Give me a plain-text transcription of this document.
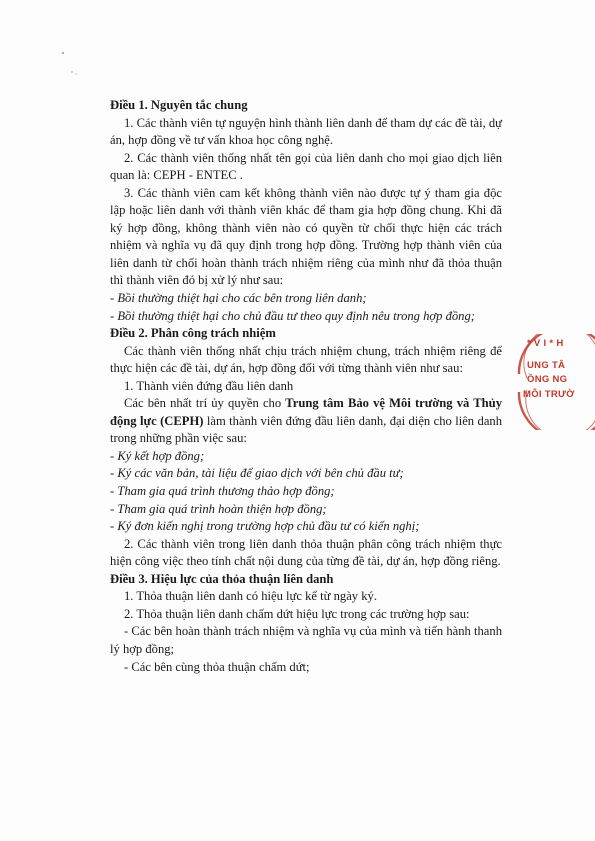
Điều 1. Nguyên tắc chung

1. Các thành viên tự nguyện hình thành liên danh để tham dự các đề tài, dự án, hợp đồng về tư vấn khoa học công nghệ.

2. Các thành viên thống nhất tên gọi của liên danh cho mọi giao dịch liên quan là: CEPH - ENTEC .

3. Các thành viên cam kết không thành viên nào được tự ý tham gia độc lập hoặc liên danh với thành viên khác để tham gia hợp đồng chung. Khi đã ký hợp đồng, không thành viên nào có quyền từ chối thực hiện các trách nhiệm và nghĩa vụ đã quy định trong hợp đồng. Trường hợp thành viên của liên danh từ chối hoàn thành trách nhiệm riêng của mình như đã thỏa thuận thì thành viên đó bị xử lý như sau:

- Bồi thường thiệt hại cho các bên trong liên danh;

- Bồi thường thiệt hại cho chủ đầu tư theo quy định nêu trong hợp đồng;

Điều 2. Phân công trách nhiệm

Các thành viên thống nhất chịu trách nhiệm chung, trách nhiệm riêng để thực hiện các đề tài, dự án, hợp đồng đối với từng thành viên như sau:

1. Thành viên đứng đầu liên danh

Các bên nhất trí ủy quyền cho Trung tâm Bảo vệ Môi trường và Thủy động lực (CEPH) làm thành viên đứng đầu liên danh, đại diện cho liên danh trong những phần việc sau:

- Ký kết hợp đồng;

- Ký các văn bản, tài liệu để giao dịch với bên chủ đầu tư;

- Tham gia quá trình thương thảo hợp đồng;

- Tham gia quá trình hoàn thiện hợp đồng;

- Ký đơn kiến nghị trong trường hợp chủ đầu tư có kiến nghị;

2. Các thành viên trong liên danh thỏa thuận phân công trách nhiệm thực hiện công việc theo tính chất nội dung của từng đề tài, dự án, hợp đồng riêng.

Điều 3. Hiệu lực của thỏa thuận liên danh

1. Thỏa thuận liên danh có hiệu lực kể từ ngày ký.

2. Thỏa thuận liên danh chấm dứt hiệu lực trong các trường hợp sau:

- Các bên hoàn thành trách nhiệm và nghĩa vụ của mình và tiến hành thanh lý hợp đồng;

- Các bên cùng thỏa thuận chấm dứt;

* V I * H
UNG TÂ
ỒNG NG
MÔI TRƯỜ
